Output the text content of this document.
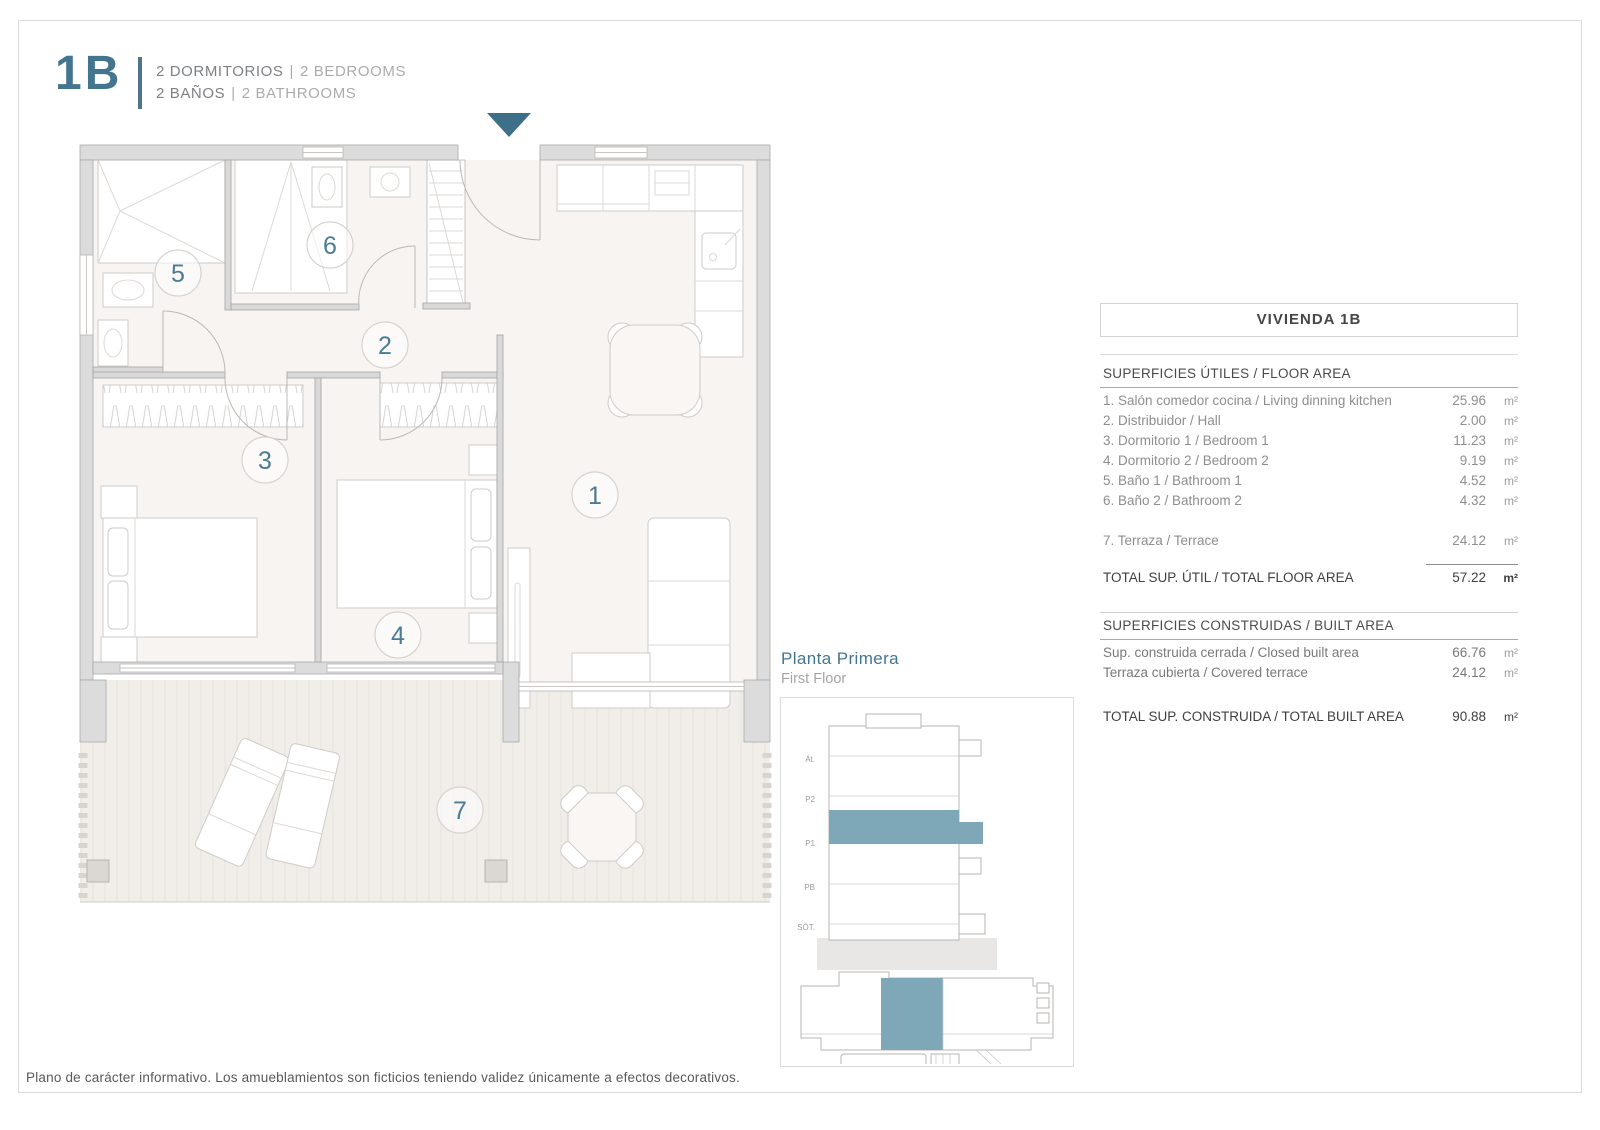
1B 2 DORMITORIOS | 2 BEDROOMS
2 BAÑOS | 2 BATHROOMS
1
2
3
4
5
6
7
VIVIENDA 1B
SUPERFICIES ÚTILES / FLOOR AREA
1. Salón comedor cocina / Living dinning kitchen	25.96	m²
2. Distribuidor / Hall	2.00	m²
3. Dormitorio 1 / Bedroom 1	11.23	m²
4. Dormitorio 2 / Bedroom 2	9.19	m²
5. Baño 1 / Bathroom 1	4.52	m²
6. Baño 2 / Bathroom 2	4.32	m²
7. Terraza / Terrace	24.12	m²
TOTAL SUP. ÚTIL / TOTAL FLOOR AREA	57.22	m²
SUPERFICIES CONSTRUIDAS / BUILT AREA
Sup. construida cerrada / Closed built area	66.76	m²
Terraza cubierta / Covered terrace	24.12	m²
TOTAL SUP. CONSTRUIDA / TOTAL BUILT AREA	90.88	m²
Planta Primera
First Floor
Át.
P2
P1
PB
SÓT.
Plano de carácter informativo. Los amueblamientos son ficticios teniendo validez únicamente a efectos decorativos.
